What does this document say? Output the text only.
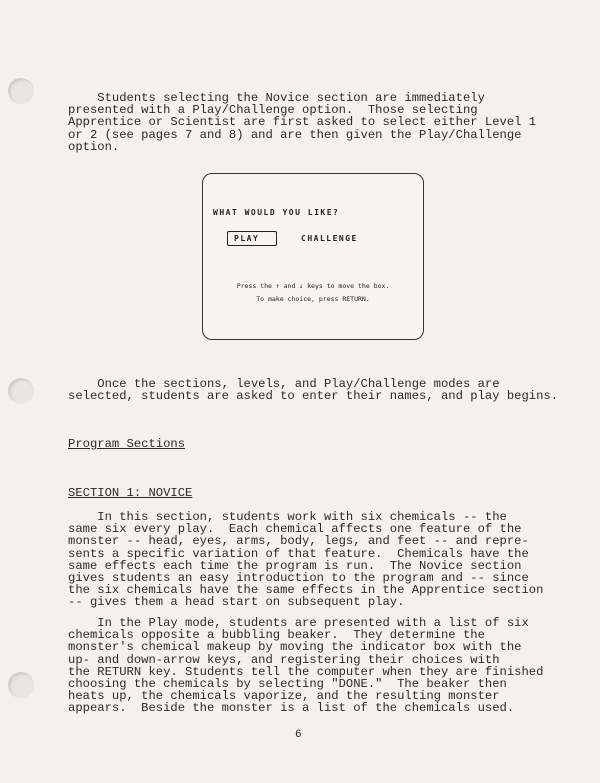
Students selecting the Novice section are immediately
presented with a Play/Challenge option.  Those selecting
Apprentice or Scientist are first asked to select either Level 1
or 2 (see pages 7 and 8) and are then given the Play/Challenge
option.
WHAT WOULD YOU LIKE?
PLAY	CHALLENGE
Press the ↑ and ↓ keys to move the box.
To make choice, press RETURN.
Once the sections, levels, and Play/Challenge modes are
selected, students are asked to enter their names, and play begins.
Program Sections
SECTION 1: NOVICE
In this section, students work with six chemicals -- the
same six every play.  Each chemical affects one feature of the
monster -- head, eyes, arms, body, legs, and feet -- and repre-
sents a specific variation of that feature.  Chemicals have the
same effects each time the program is run.  The Novice section
gives students an easy introduction to the program and -- since
the six chemicals have the same effects in the Apprentice section
-- gives them a head start on subsequent play.
In the Play mode, students are presented with a list of six
chemicals opposite a bubbling beaker.  They determine the
monster's chemical makeup by moving the indicator box with the
up- and down-arrow keys, and registering their choices with
the RETURN key. Students tell the computer when they are finished
choosing the chemicals by selecting "DONE."  The beaker then
heats up, the chemicals vaporize, and the resulting monster
appears.  Beside the monster is a list of the chemicals used.
6
